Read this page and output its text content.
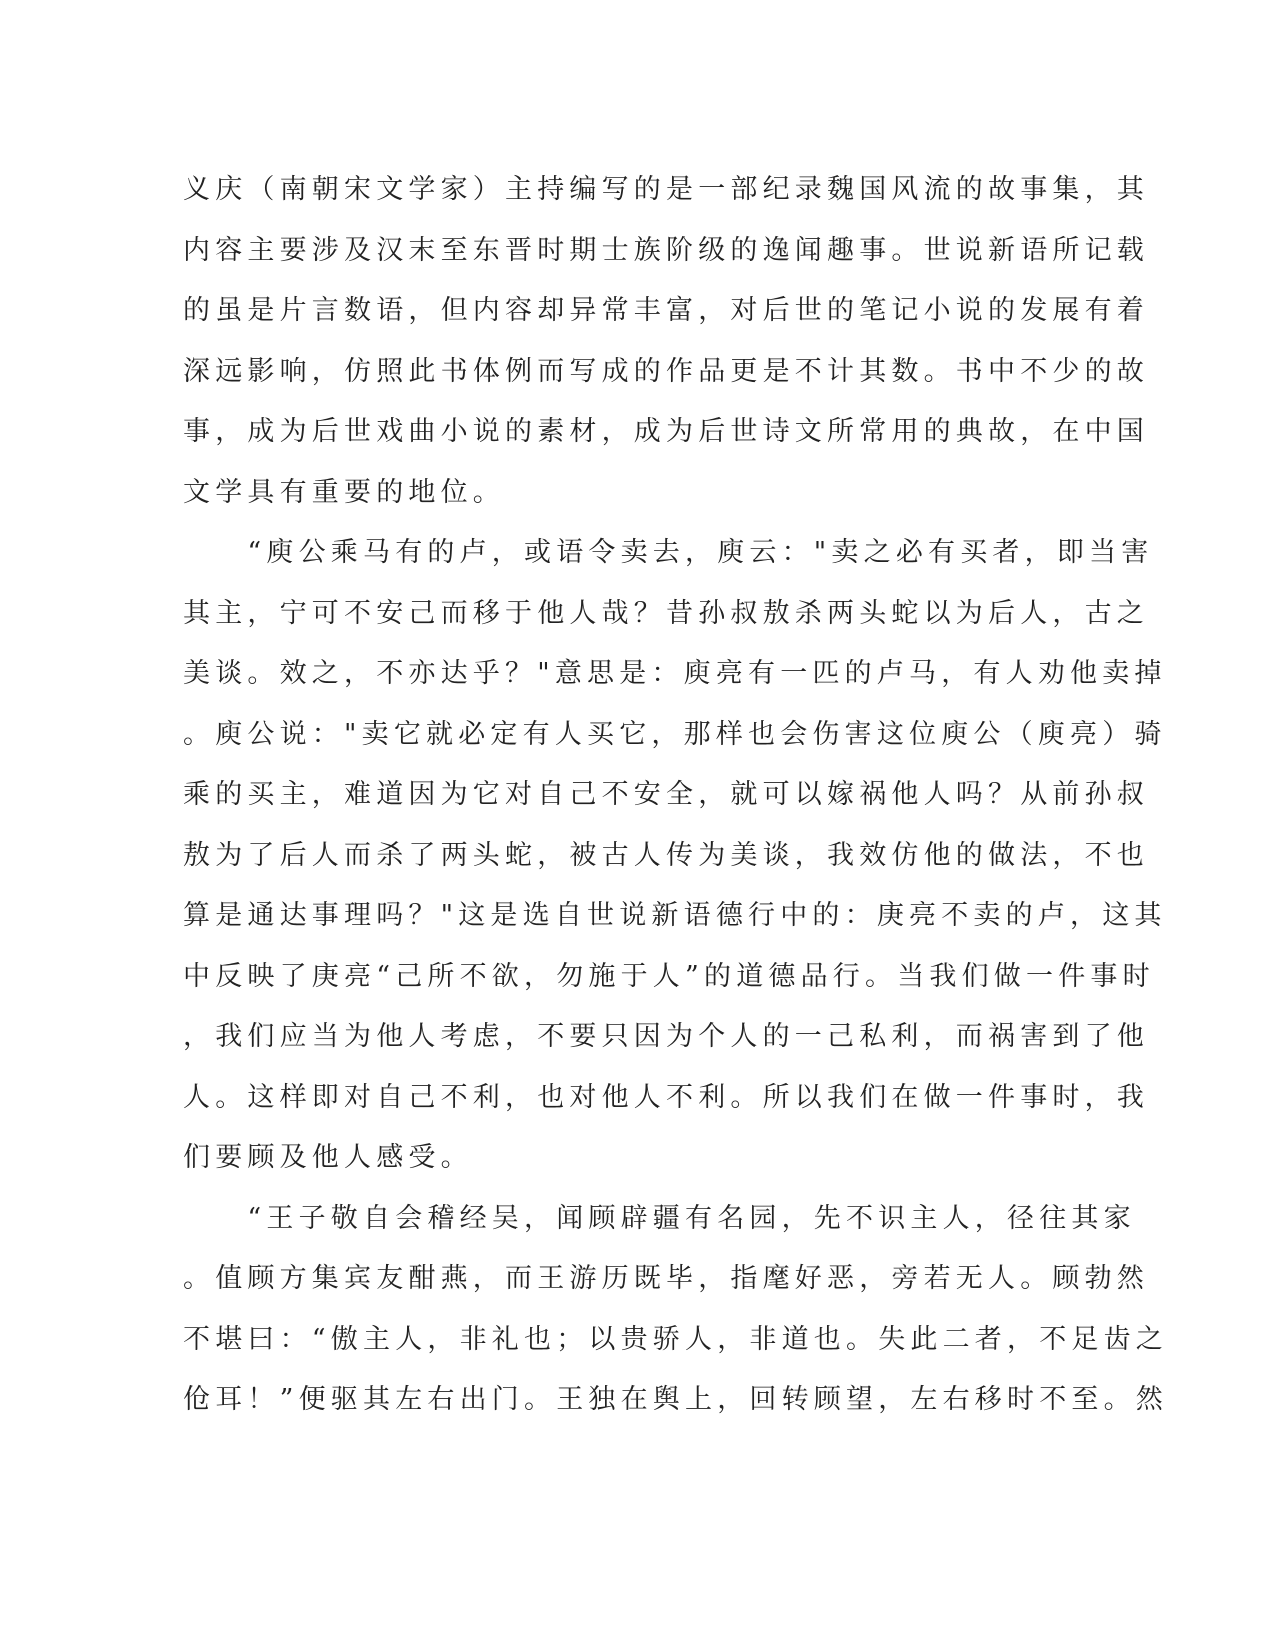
义庆（南朝宋文学家）主持编写的是一部纪录魏国风流的故事集，其
内容主要涉及汉末至东晋时期士族阶级的逸闻趣事。世说新语所记载
的虽是片言数语，但内容却异常丰富，对后世的笔记小说的发展有着
深远影响，仿照此书体例而写成的作品更是不计其数。书中不少的故
事，成为后世戏曲小说的素材，成为后世诗文所常用的典故，在中国
文学具有重要的地位。
　　“庾公乘马有的卢，或语令卖去，庾云："卖之必有买者，即当害
其主，宁可不安己而移于他人哉？昔孙叔敖杀两头蛇以为后人，古之
美谈。效之，不亦达乎？"意思是：庾亮有一匹的卢马，有人劝他卖掉
。庾公说："卖它就必定有人买它，那样也会伤害这位庾公（庾亮）骑
乘的买主，难道因为它对自己不安全，就可以嫁祸他人吗？从前孙叔
敖为了后人而杀了两头蛇，被古人传为美谈，我效仿他的做法，不也
算是通达事理吗？"这是选自世说新语德行中的：庚亮不卖的卢，这其
中反映了庚亮“己所不欲，勿施于人”的道德品行。当我们做一件事时
，我们应当为他人考虑，不要只因为个人的一己私利，而祸害到了他
人。这样即对自己不利，也对他人不利。所以我们在做一件事时，我
们要顾及他人感受。
　　“王子敬自会稽经吴，闻顾辟疆有名园，先不识主人，径往其家
。值顾方集宾友酣燕，而王游历既毕，指麾好恶，旁若无人。顾勃然
不堪曰：“傲主人，非礼也；以贵骄人，非道也。失此二者，不足齿之
伧耳！”便驱其左右出门。王独在舆上，回转顾望，左右移时不至。然
